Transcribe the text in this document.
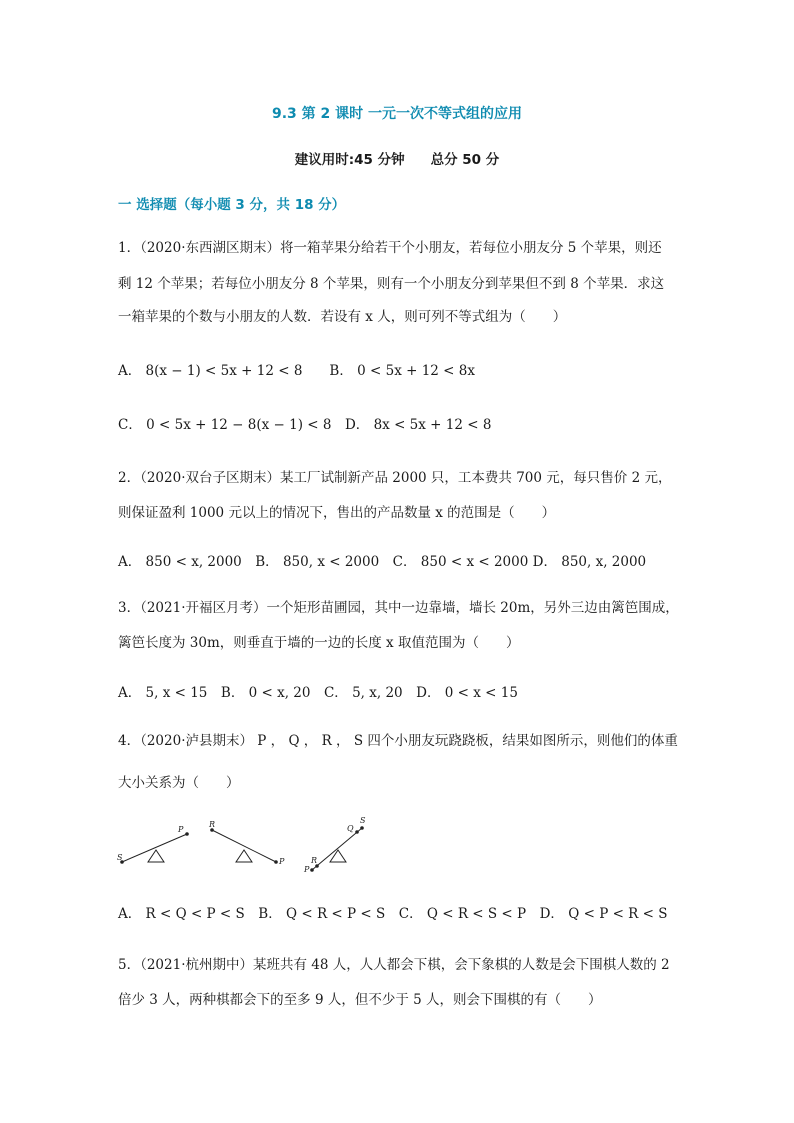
9.3 第 2 课时 一元一次不等式组的应用
建议用时:45 分钟 总分 50 分
一 选择题（每小题 3 分，共 18 分）
1．（2020·东西湖区期末）将一箱苹果分给若干个小朋友，若每位小朋友分 5 个苹果，则还
剩 12 个苹果；若每位小朋友分 8 个苹果，则有一个小朋友分到苹果但不到 8 个苹果．求这
一箱苹果的个数与小朋友的人数．若设有 x 人，则可列不等式组为（　　）
A． 8(x − 1) < 5x + 12 < 8　　B． 0 < 5x + 12 < 8x
C． 0 < 5x + 12 − 8(x − 1) < 8　D． 8x < 5x + 12 < 8
2．（2020·双台子区期末）某工厂试制新产品 2000 只，工本费共 700 元，每只售价 2 元，
则保证盈利 1000 元以上的情况下，售出的产品数量 x 的范围是（　　）
A． 850 < x, 2000　B． 850, x < 2000　C． 850 < x < 2000 D． 850, x, 2000
3．（2021·开福区月考）一个矩形苗圃园，其中一边靠墙，墙长 20m，另外三边由篱笆围成，
篱笆长度为 30m，则垂直于墙的一边的长度 x 取值范围为（　　）
A． 5, x < 15　B． 0 < x, 20　C． 5, x, 20　D． 0 < x < 15
4．（2020·泸县期末） P ， Q ， R ， S 四个小朋友玩跷跷板，结果如图所示，则他们的体重
大小关系为（　　）
S
P
R
P
P
R
Q
S
A． R < Q < P < S　B． Q < R < P < S　C． Q < R < S < P　D． Q < P < R < S
5．（2021·杭州期中）某班共有 48 人，人人都会下棋，会下象棋的人数是会下围棋人数的 2
倍少 3 人，两种棋都会下的至多 9 人，但不少于 5 人，则会下围棋的有（　　）
